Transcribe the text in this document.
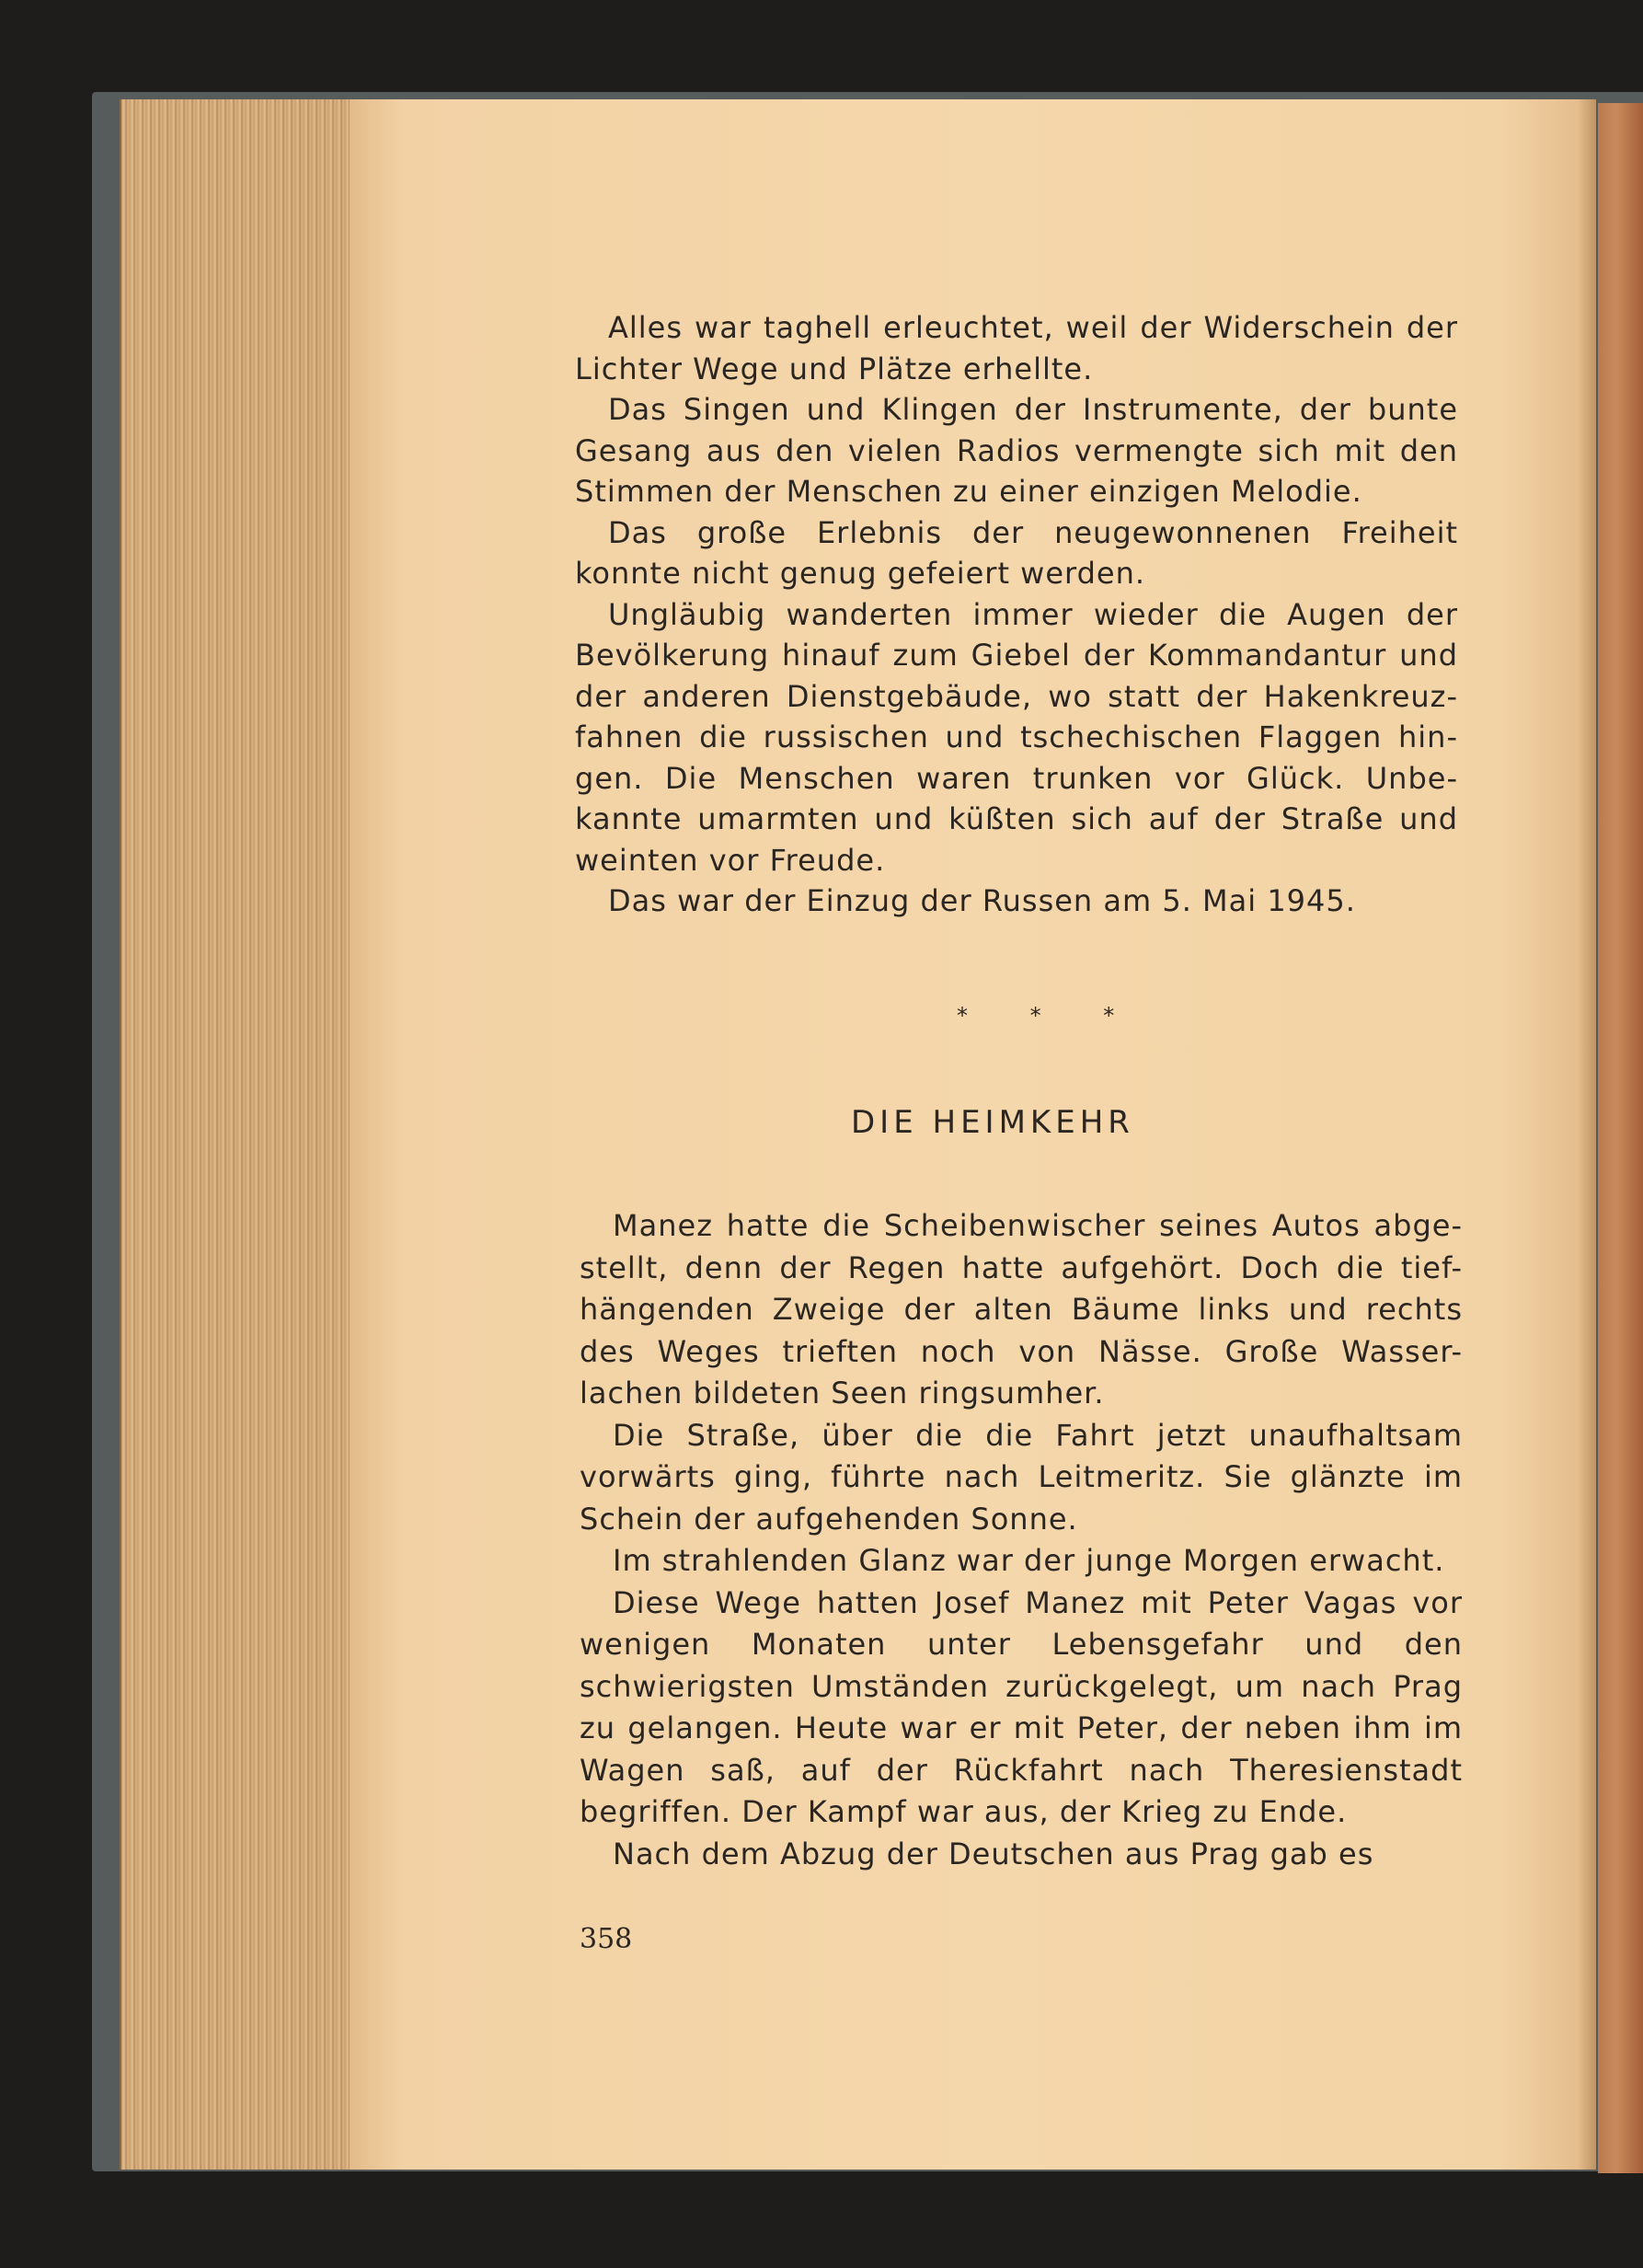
Alles war taghell erleuchtet, weil der Widerschein der Lichter Wege und Plätze erhellte.

Das Singen und Klingen der Instrumente, der bunte Gesang aus den vielen Radios vermengte sich mit den Stimmen der Menschen zu einer einzigen Melodie.

Das große Erlebnis der neugewonnenen Freiheit konnte nicht genug gefeiert werden.

Ungläubig wanderten immer wieder die Augen der Bevölkerung hinauf zum Giebel der Kommandantur und der anderen Dienstgebäude, wo statt der Hakenkreuz-fahnen die russischen und tschechischen Flaggen hin-gen. Die Menschen waren trunken vor Glück. Unbe-kannte umarmten und küßten sich auf der Straße und weinten vor Freude.

Das war der Einzug der Russen am 5. Mai 1945.

* * *
DIE HEIMKEHR

Manez hatte die Scheibenwischer seines Autos abge-stellt, denn der Regen hatte aufgehört. Doch die tief-hängenden Zweige der alten Bäume links und rechts des Weges trieften noch von Nässe. Große Wasser-lachen bildeten Seen ringsumher.

Die Straße, über die die Fahrt jetzt unaufhaltsam vorwärts ging, führte nach Leitmeritz. Sie glänzte im Schein der aufgehenden Sonne.

Im strahlenden Glanz war der junge Morgen erwacht.

Diese Wege hatten Josef Manez mit Peter Vagas vor wenigen Monaten unter Lebensgefahr und den schwierigsten Umständen zurückgelegt, um nach Prag zu gelangen. Heute war er mit Peter, der neben ihm im Wagen saß, auf der Rückfahrt nach Theresienstadt begriffen. Der Kampf war aus, der Krieg zu Ende.

Nach dem Abzug der Deutschen aus Prag gab es

358
